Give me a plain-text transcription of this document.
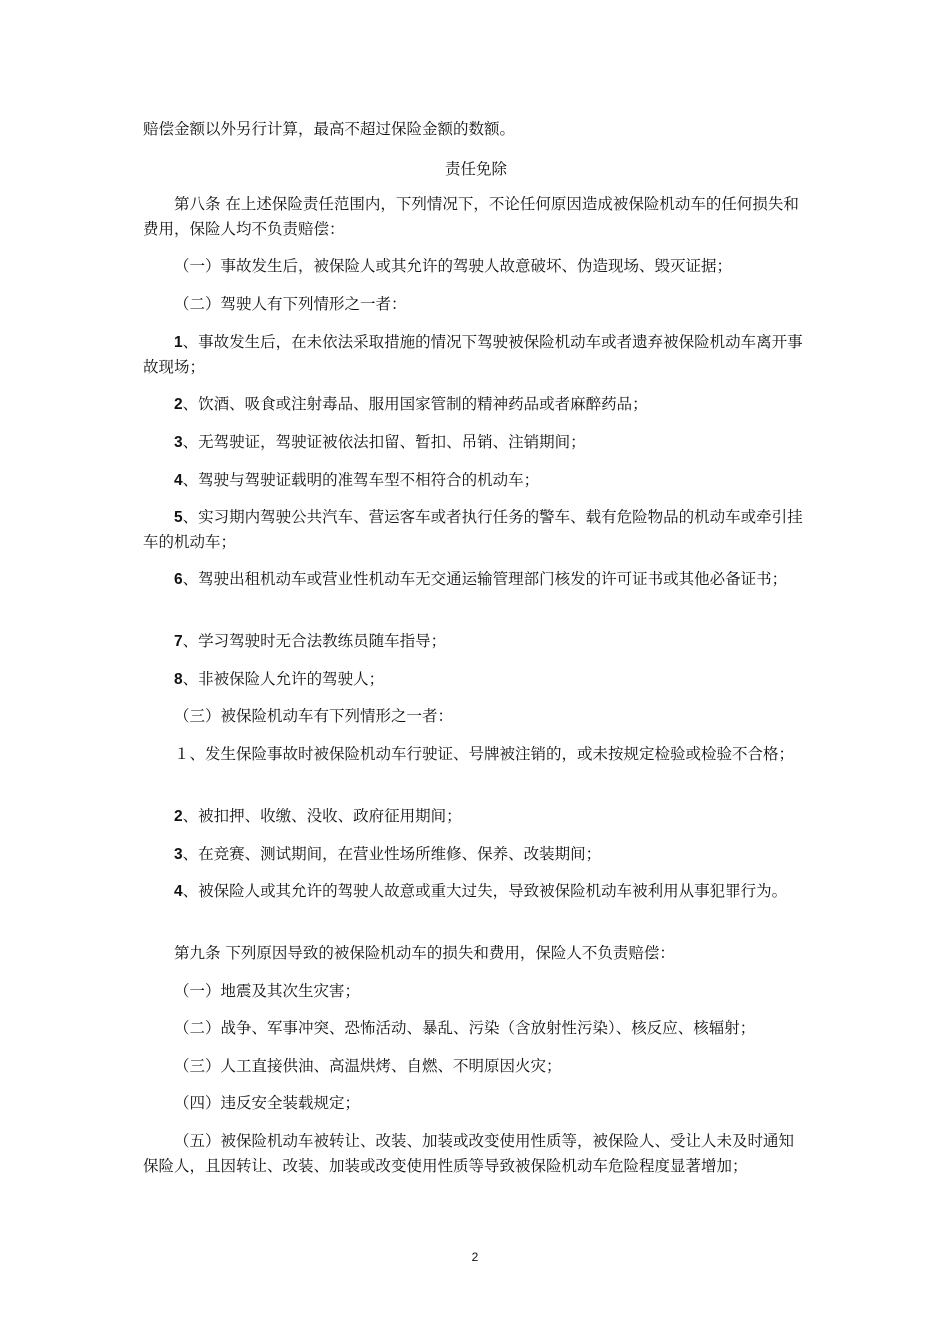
赔偿金额以外另行计算，最高不超过保险金额的数额。

责任免除

第八条 在上述保险责任范围内，下列情况下，不论任何原因造成被保险机动车的任何损失和费用，保险人均不负责赔偿：

（一）事故发生后，被保险人或其允许的驾驶人故意破坏、伪造现场、毁灭证据；

（二）驾驶人有下列情形之一者：

1、事故发生后，在未依法采取措施的情况下驾驶被保险机动车或者遗弃被保险机动车离开事故现场；

2、饮酒、吸食或注射毒品、服用国家管制的精神药品或者麻醉药品；

3、无驾驶证，驾驶证被依法扣留、暂扣、吊销、注销期间；

4、驾驶与驾驶证载明的准驾车型不相符合的机动车；

5、实习期内驾驶公共汽车、营运客车或者执行任务的警车、载有危险物品的机动车或牵引挂车的机动车；

6、驾驶出租机动车或营业性机动车无交通运输管理部门核发的许可证书或其他必备证书；

7、学习驾驶时无合法教练员随车指导；

8、非被保险人允许的驾驶人；

（三）被保险机动车有下列情形之一者：

１、发生保险事故时被保险机动车行驶证、号牌被注销的，或未按规定检验或检验不合格；

2、被扣押、收缴、没收、政府征用期间；

3、在竞赛、测试期间，在营业性场所维修、保养、改装期间；

4、被保险人或其允许的驾驶人故意或重大过失，导致被保险机动车被利用从事犯罪行为。

第九条 下列原因导致的被保险机动车的损失和费用，保险人不负责赔偿：

（一）地震及其次生灾害；

（二）战争、军事冲突、恐怖活动、暴乱、污染（含放射性污染）、核反应、核辐射；

（三）人工直接供油、高温烘烤、自燃、不明原因火灾；

（四）违反安全装载规定；

（五）被保险机动车被转让、改装、加装或改变使用性质等，被保险人、受让人未及时通知保险人，且因转让、改装、加装或改变使用性质等导致被保险机动车危险程度显著增加；

2
